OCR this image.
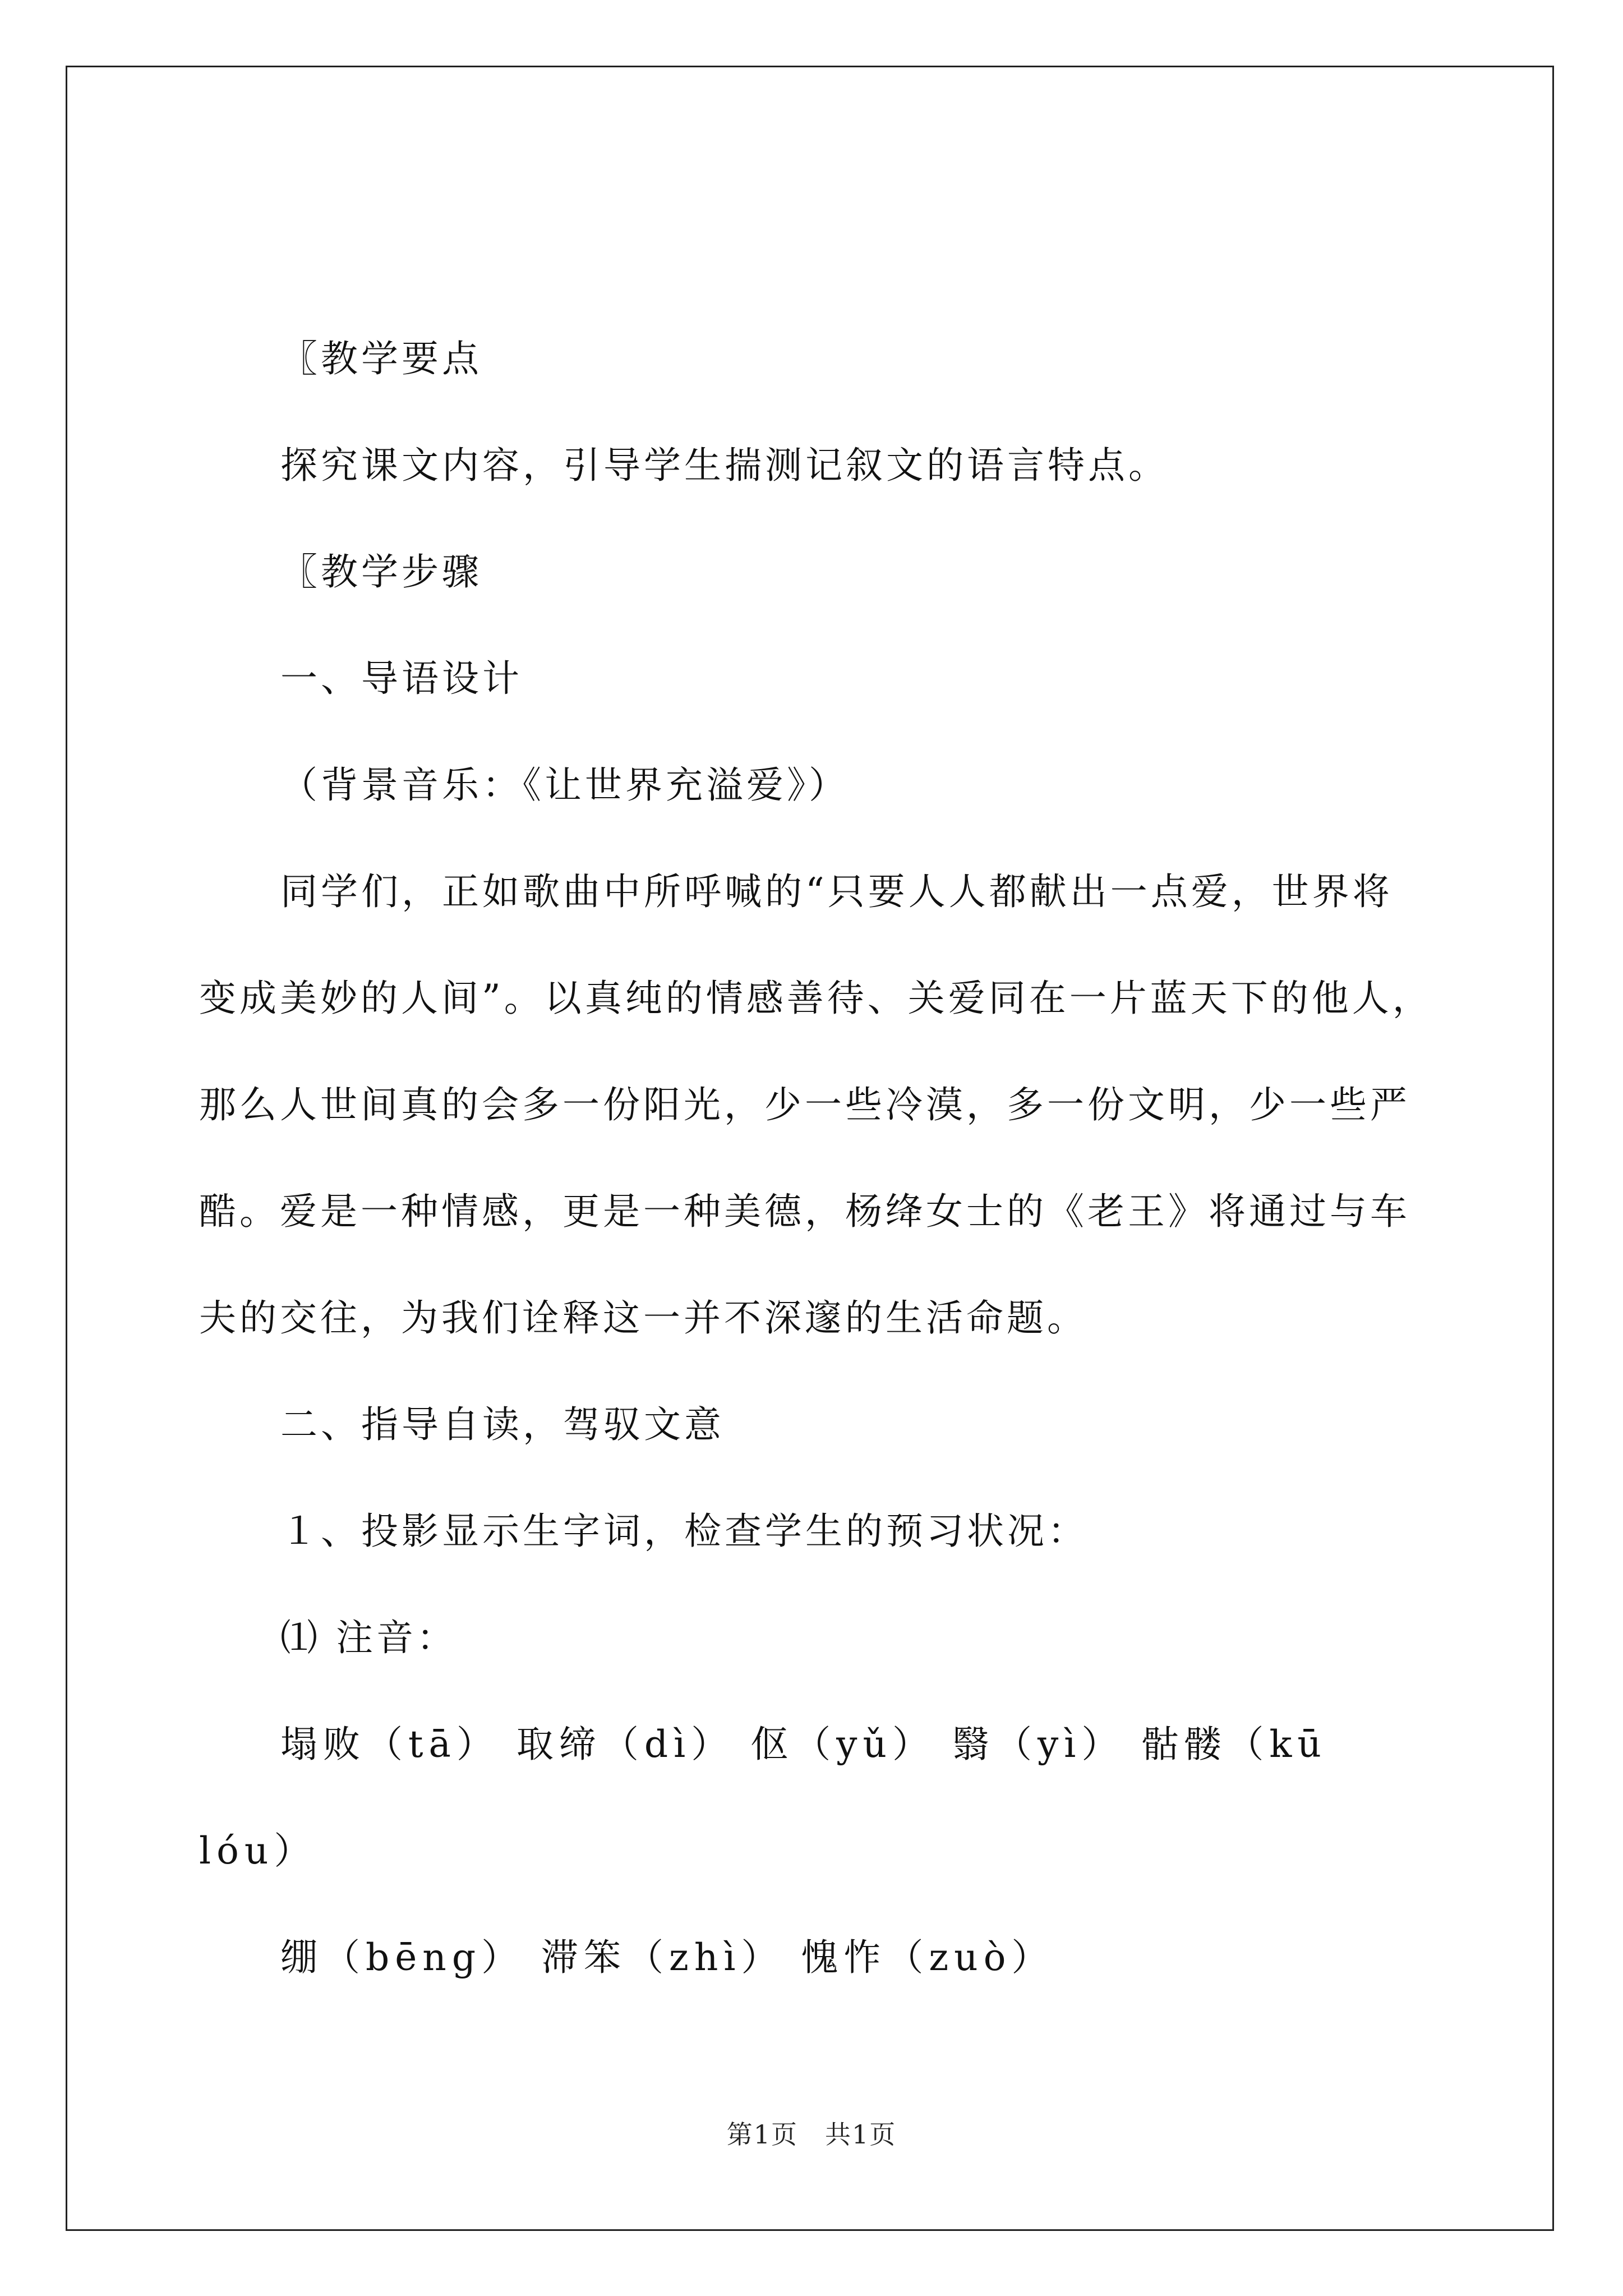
〖教学要点
探究课文内容，引导学生揣测记叙文的语言特点。
〖教学步骤
一、导语设计
（背景音乐：《让世界充溢爱》）
同学们，正如歌曲中所呼喊的“只要人人都献出一点爱，世界将
变成美妙的人间”。以真纯的情感善待、关爱同在一片蓝天下的他人，
那么人世间真的会多一份阳光，少一些冷漠，多一份文明，少一些严
酷。爱是一种情感，更是一种美德，杨绛女士的《老王》将通过与车
夫的交往，为我们诠释这一并不深邃的生活命题。
二、指导自读，驾驭文意
１、投影显示生字词，检查学生的预习状况：
⑴ 注音：
塌败（tā） 取缔（dì） 伛（yǔ） 翳（yì） 骷髅（kū
lóu）
绷（bēng） 滞笨（zhì） 愧怍（zuò）
第1页　共1页
